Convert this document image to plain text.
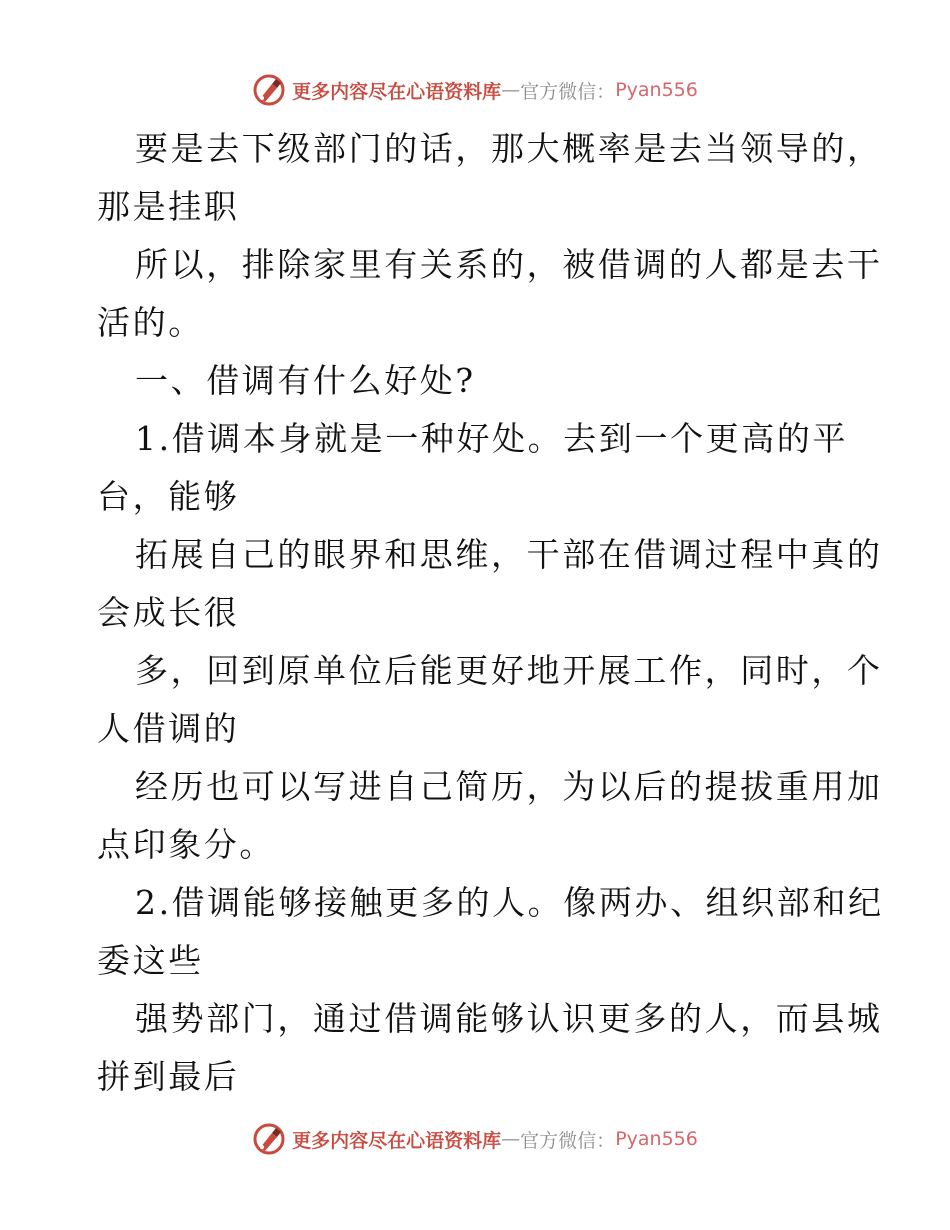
更多内容尽在心语资料库 — 官方微信： Pyan556
要是去下级部门的话，那大概率是去当领导的，
那是挂职
所以，排除家里有关系的，被借调的人都是去干
活的。
一、借调有什么好处?
1.借调本身就是一种好处。去到一个更高的平
台，能够
拓展自己的眼界和思维，干部在借调过程中真的
会成长很
多，回到原单位后能更好地开展工作，同时，个
人借调的
经历也可以写进自己简历，为以后的提拔重用加
点印象分。
2.借调能够接触更多的人。像两办、组织部和纪
委这些
强势部门，通过借调能够认识更多的人，而县城
拼到最后
更多内容尽在心语资料库 — 官方微信： Pyan556
